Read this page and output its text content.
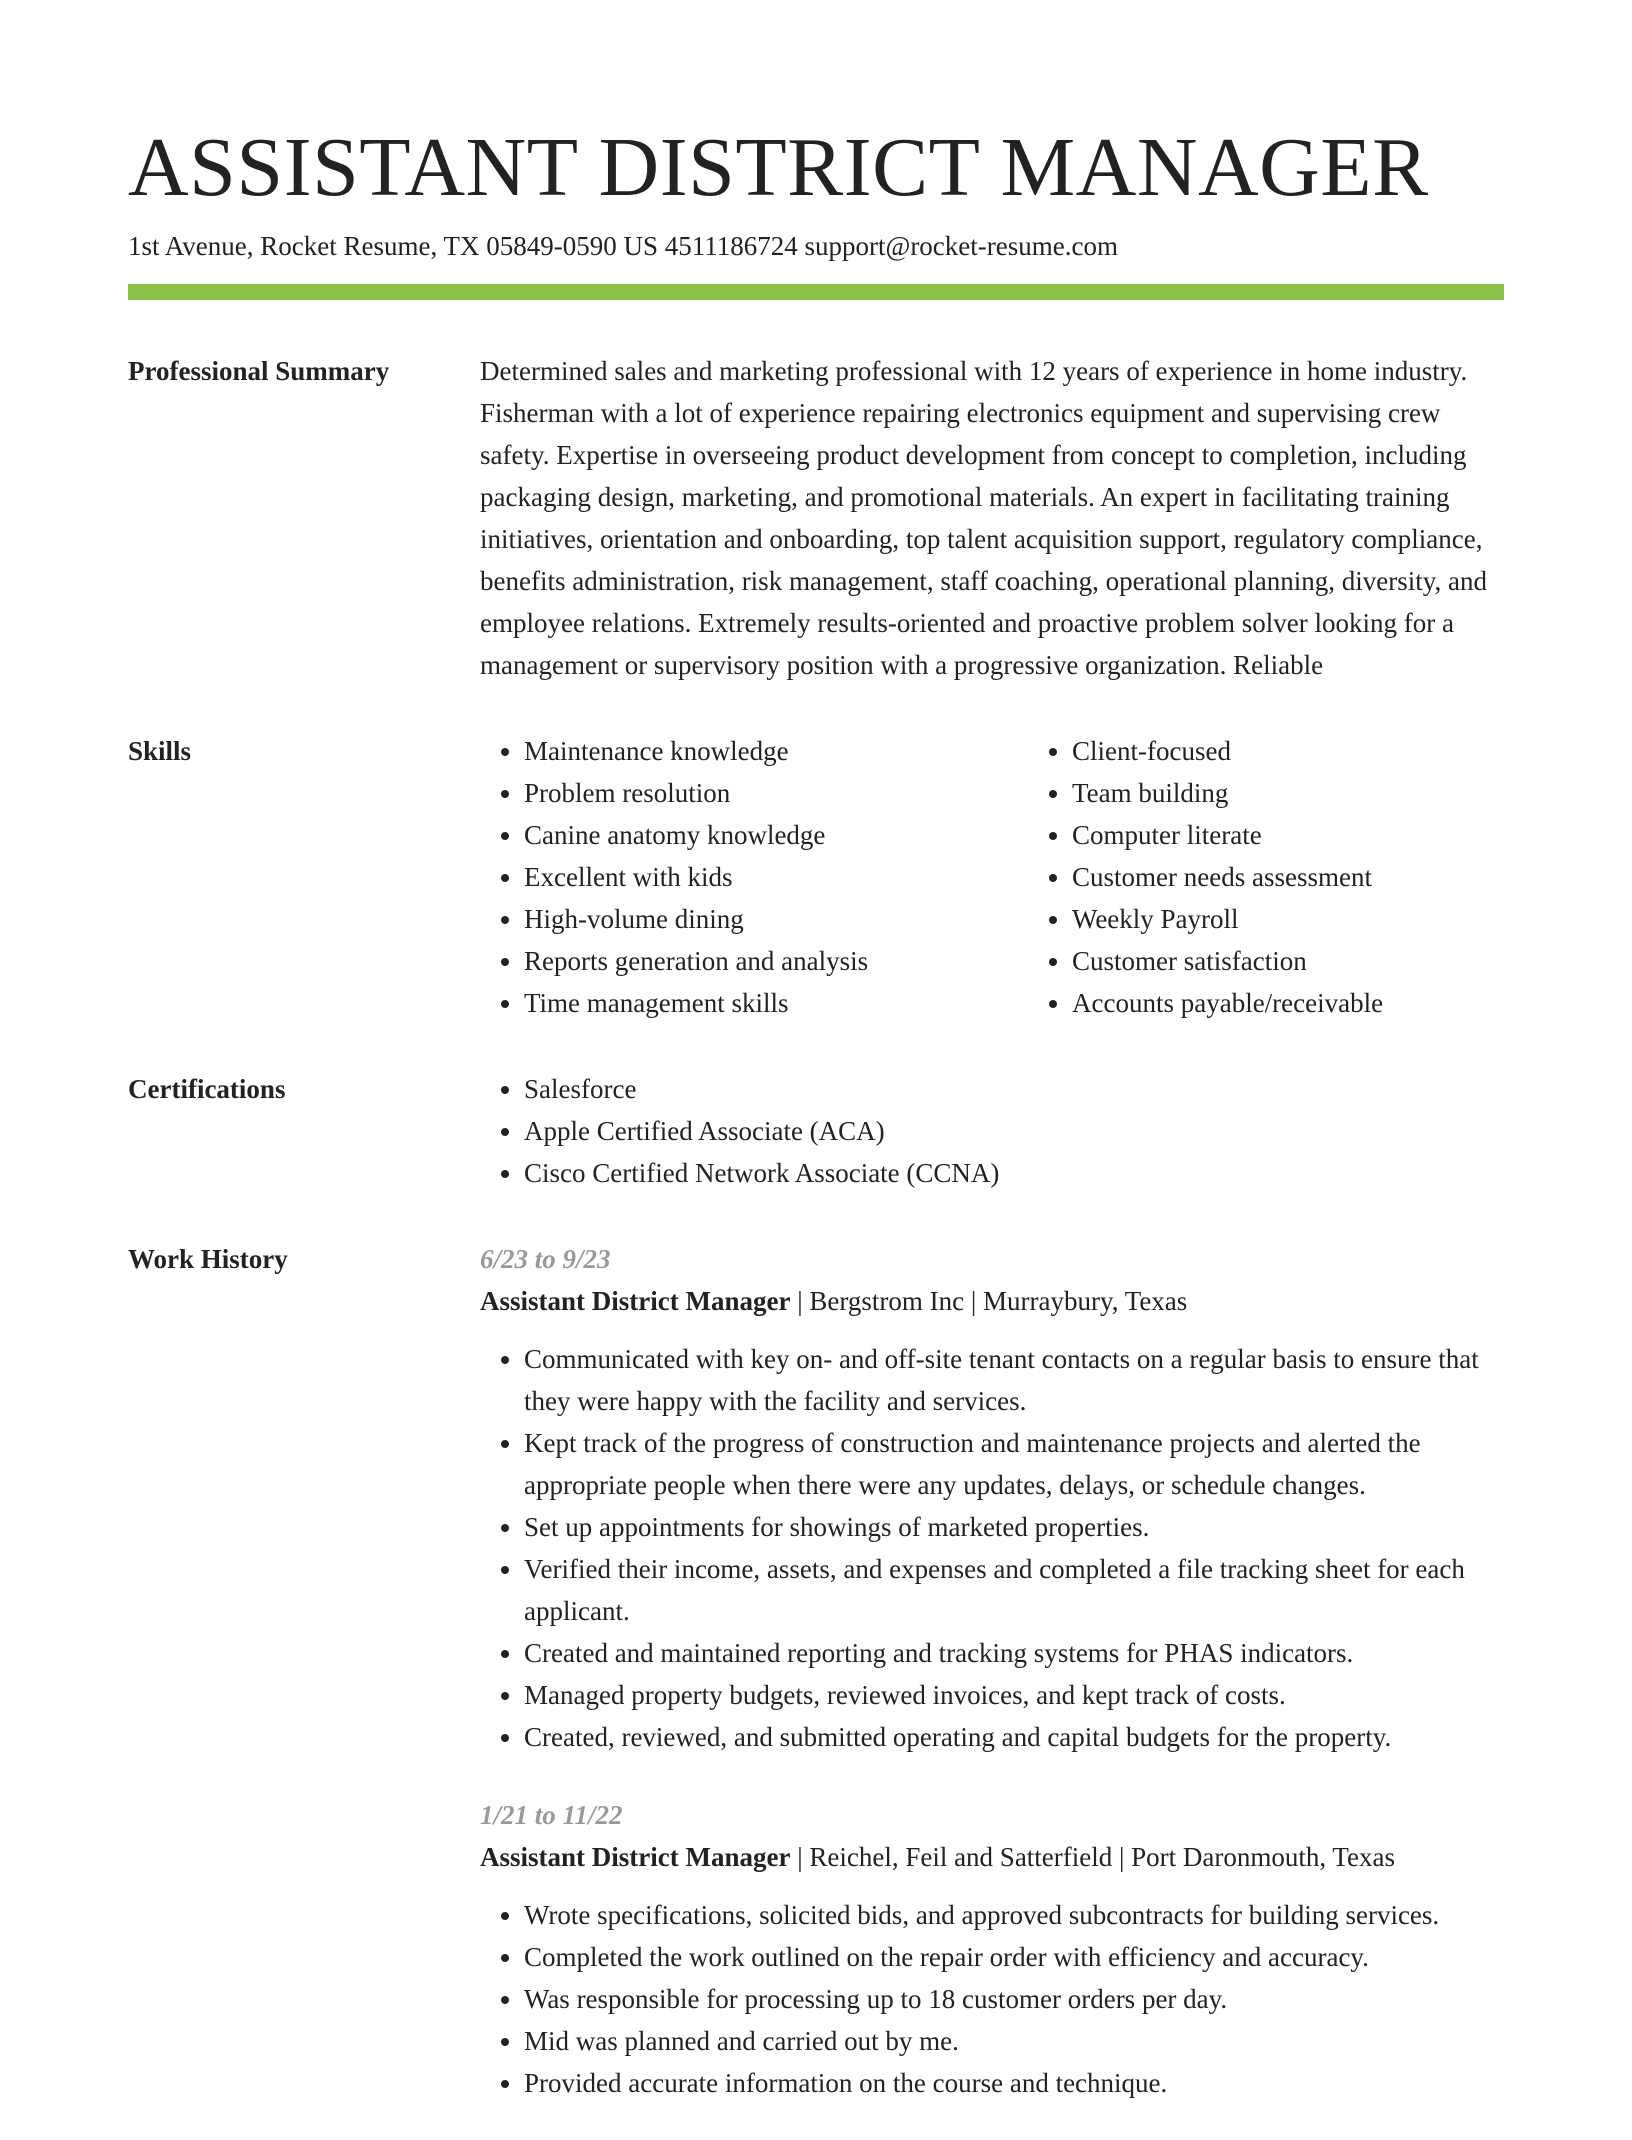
ASSISTANT DISTRICT MANAGER
1st Avenue, Rocket Resume, TX 05849-0590 US 4511186724 support@rocket-resume.com
Professional Summary	Determined sales and marketing professional with 12 years of experience in home industry. Fisherman with a lot of experience repairing electronics equipment and supervising crew safety. Expertise in overseeing product development from concept to completion, including packaging design, marketing, and promotional materials. An expert in facilitating training initiatives, orientation and onboarding, top talent acquisition support, regulatory compliance, benefits administration, risk management, staff coaching, operational planning, diversity, and employee relations. Extremely results-oriented and proactive problem solver looking for a management or supervisory position with a progressive organization. Reliable
Skills	• Maintenance knowledge
• Problem resolution
• Canine anatomy knowledge
• Excellent with kids
• High-volume dining
• Reports generation and analysis
• Time management skills
• Client-focused
• Team building
• Computer literate
• Customer needs assessment
• Weekly Payroll
• Customer satisfaction
• Accounts payable/receivable
Certifications	• Salesforce
• Apple Certified Associate (ACA)
• Cisco Certified Network Associate (CCNA)
Work History	6/23 to 9/23
Assistant District Manager | Bergstrom Inc | Murraybury, Texas
• Communicated with key on- and off-site tenant contacts on a regular basis to ensure that they were happy with the facility and services.
• Kept track of the progress of construction and maintenance projects and alerted the appropriate people when there were any updates, delays, or schedule changes.
• Set up appointments for showings of marketed properties.
• Verified their income, assets, and expenses and completed a file tracking sheet for each applicant.
• Created and maintained reporting and tracking systems for PHAS indicators.
• Managed property budgets, reviewed invoices, and kept track of costs.
• Created, reviewed, and submitted operating and capital budgets for the property.
1/21 to 11/22
Assistant District Manager | Reichel, Feil and Satterfield | Port Daronmouth, Texas
• Wrote specifications, solicited bids, and approved subcontracts for building services.
• Completed the work outlined on the repair order with efficiency and accuracy.
• Was responsible for processing up to 18 customer orders per day.
• Mid was planned and carried out by me.
• Provided accurate information on the course and technique.
